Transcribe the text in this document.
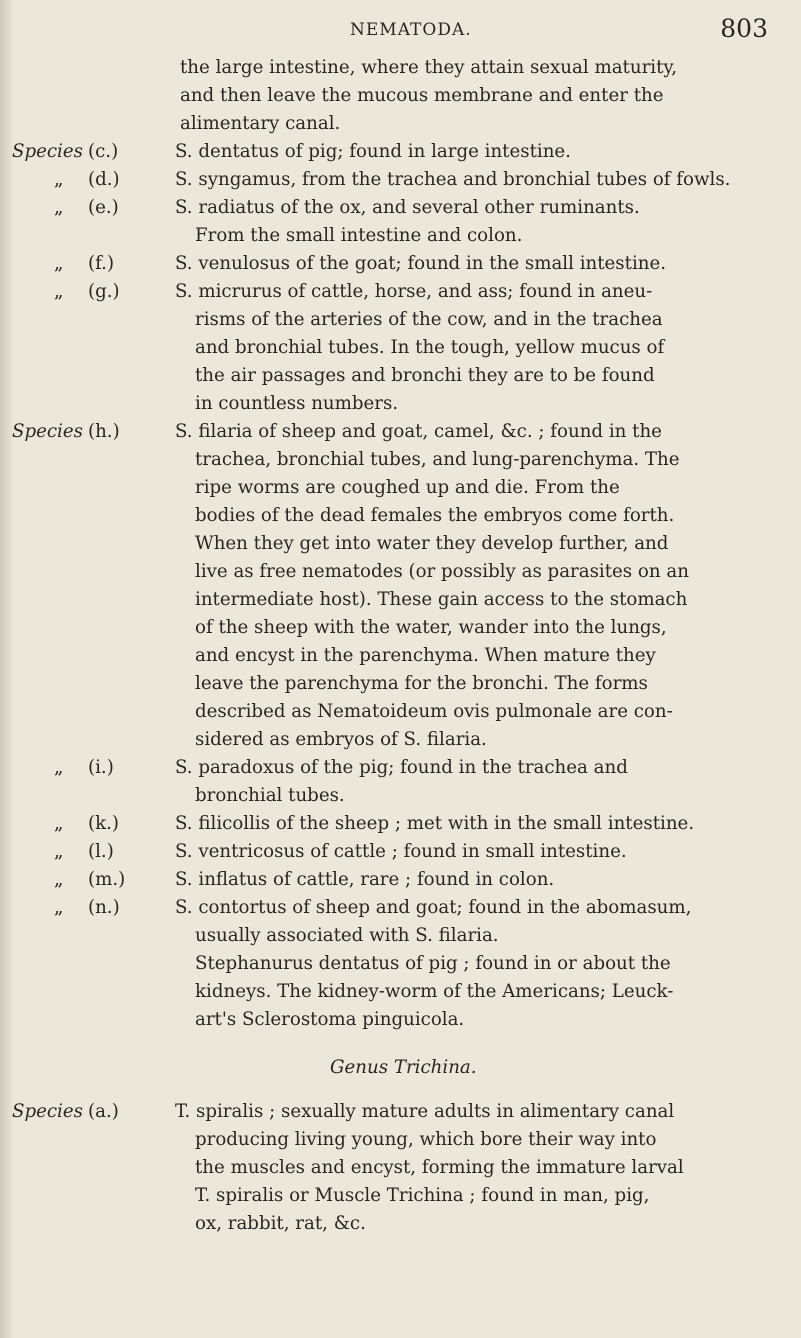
NEMATODA.	803
the large intestine, where they attain sexual maturity,
and then leave the mucous membrane and enter the
alimentary canal.
Species (c.)	S. dentatus of pig; found in large intestine.
„ (d.)	S. syngamus, from the trachea and bronchial tubes of fowls.
„ (e.)	S. radiatus of the ox, and several other ruminants.
From the small intestine and colon.
„ (f.)	S. venulosus of the goat; found in the small intestine.
„ (g.)	S. micrurus of cattle, horse, and ass; found in aneu-
risms of the arteries of the cow, and in the trachea
and bronchial tubes. In the tough, yellow mucus of
the air passages and bronchi they are to be found
in countless numbers.
Species (h.)	S. filaria of sheep and goat, camel, &c. ; found in the
trachea, bronchial tubes, and lung-parenchyma. The
ripe worms are coughed up and die. From the
bodies of the dead females the embryos come forth.
When they get into water they develop further, and
live as free nematodes (or possibly as parasites on an
intermediate host). These gain access to the stomach
of the sheep with the water, wander into the lungs,
and encyst in the parenchyma. When mature they
leave the parenchyma for the bronchi. The forms
described as Nematoideum ovis pulmonale are con-
sidered as embryos of S. filaria.
„ (i.)	S. paradoxus of the pig; found in the trachea and
bronchial tubes.
„ (k.)	S. filicollis of the sheep ; met with in the small intestine.
„ (l.)	S. ventricosus of cattle ; found in small intestine.
„ (m.)	S. inflatus of cattle, rare ; found in colon.
„ (n.)	S. contortus of sheep and goat; found in the abomasum,
usually associated with S. filaria.
Stephanurus dentatus of pig ; found in or about the
kidneys. The kidney-worm of the Americans; Leuck-
art's Sclerostoma pinguicola.
Genus Trichina.
Species (a.)	T. spiralis ; sexually mature adults in alimentary canal
producing living young, which bore their way into
the muscles and encyst, forming the immature larval
T. spiralis or Muscle Trichina ; found in man, pig,
ox, rabbit, rat, &c.
